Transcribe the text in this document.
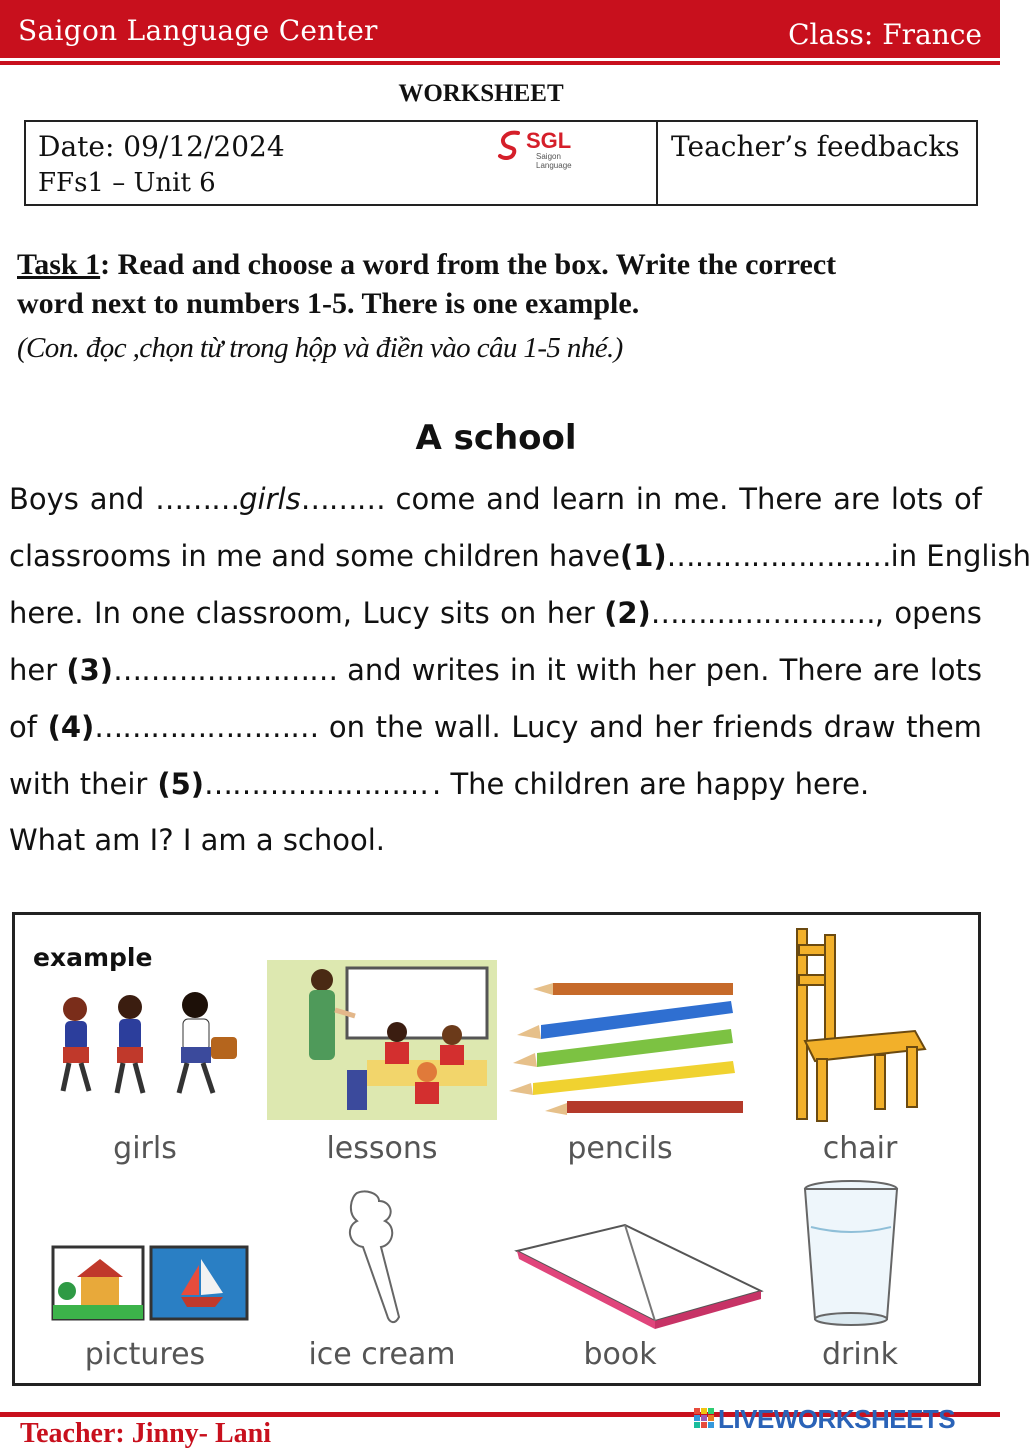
Saigon Language Center	Class: France
WORKSHEET
Date: 09/12/2024
FFs1 – Unit 6
SGL
Saigon Language
Teacher’s feedbacks
Task 1: Read and choose a word from the box. Write the correct
word next to numbers 1-5. There is one example.
(Con. đọc ,chọn từ trong hộp và điền vào câu 1-5 nhé.)
A school
Boys and ………girls……… come and learn in me. There are lots of
classrooms in me and some children have (1)…………………… in English
here. In one classroom, Lucy sits on her (2)……………………, opens
her (3)…………………… and writes in it with her pen. There are lots
of (4)…………………… on the wall. Lucy and her friends draw them
with their (5)…………………… . The children are happy here.
What am I? I am a school.
example
girls	lessons	pencils	chair
pictures	ice cream	book	drink
Teacher: Jinny- Lani	LIVEWORKSHEETS
